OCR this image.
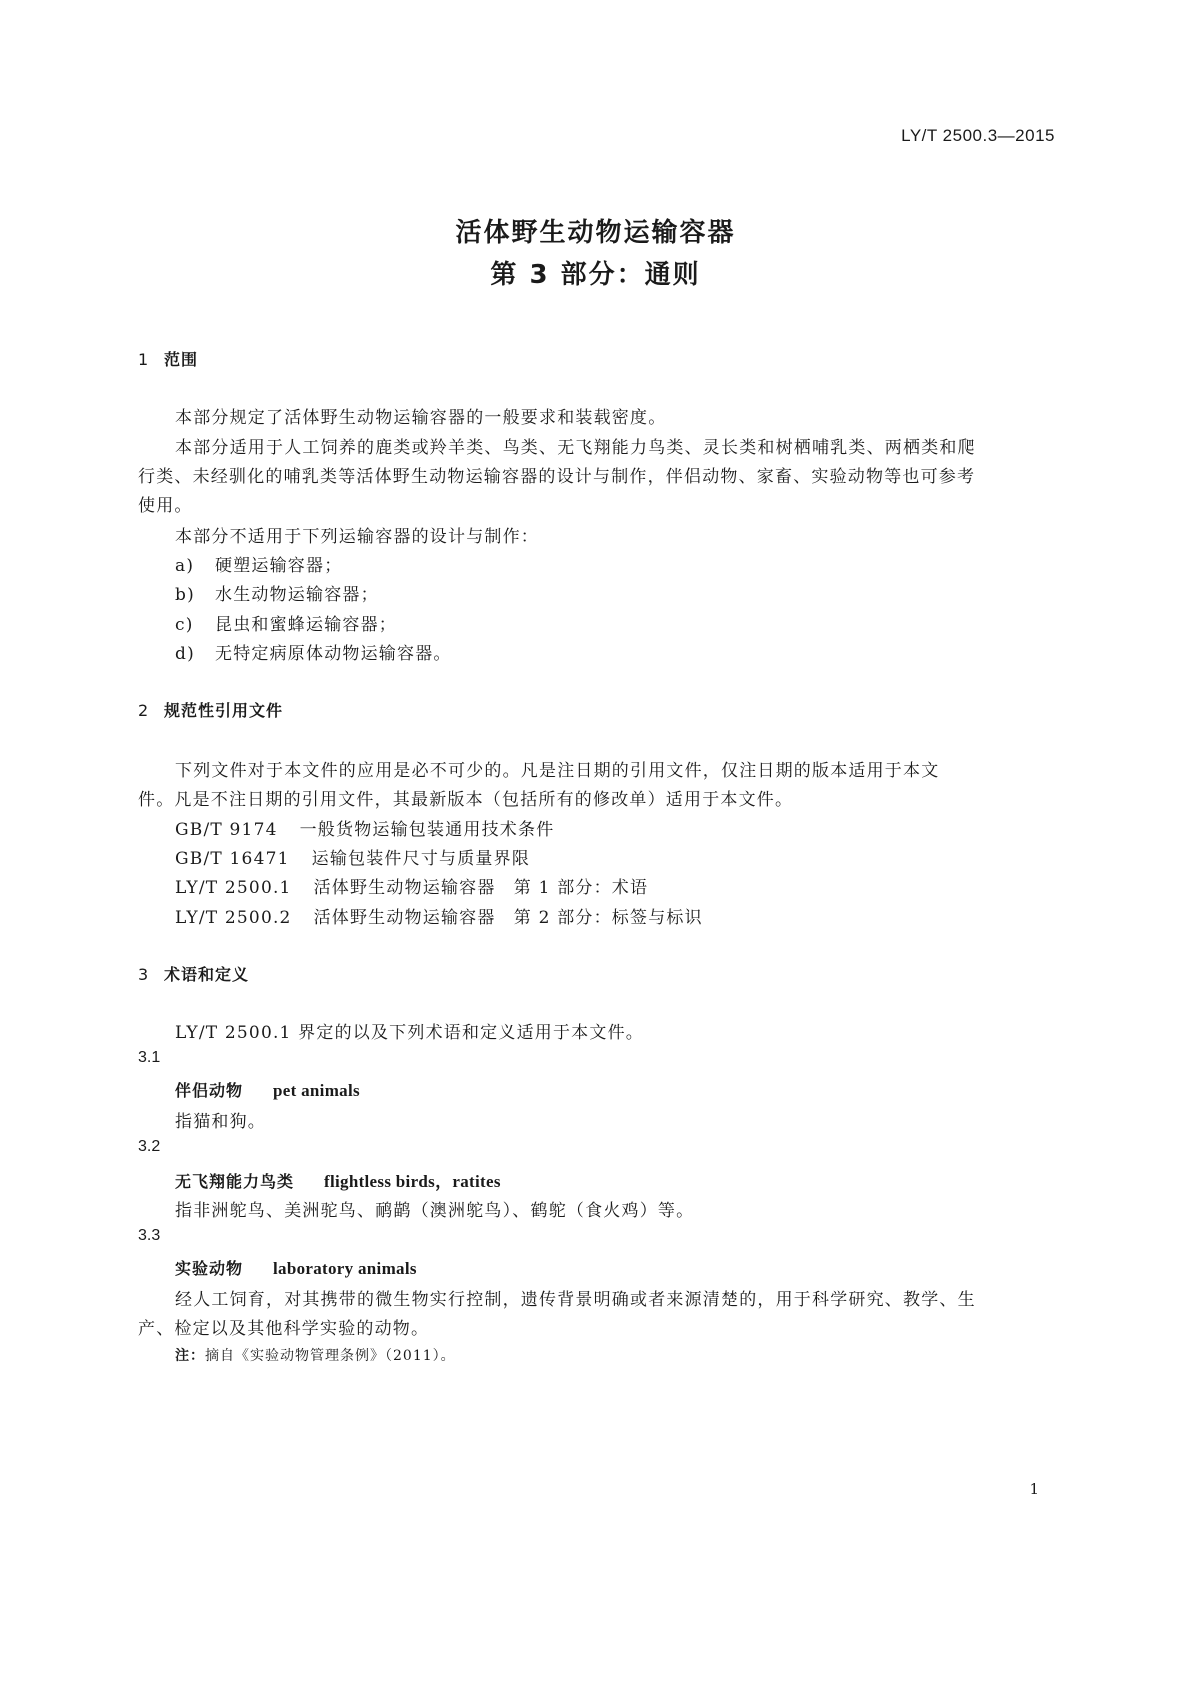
LY/T 2500.3—2015
活体野生动物运输容器
第 3 部分：通则
1 范围
本部分规定了活体野生动物运输容器的一般要求和装载密度。
本部分适用于人工饲养的鹿类或羚羊类、鸟类、无飞翔能力鸟类、灵长类和树栖哺乳类、两栖类和爬
行类、未经驯化的哺乳类等活体野生动物运输容器的设计与制作，伴侣动物、家畜、实验动物等也可参考
使用。
本部分不适用于下列运输容器的设计与制作：
a) 硬塑运输容器；
b) 水生动物运输容器；
c) 昆虫和蜜蜂运输容器；
d) 无特定病原体动物运输容器。
2 规范性引用文件
下列文件对于本文件的应用是必不可少的。凡是注日期的引用文件，仅注日期的版本适用于本文
件。凡是不注日期的引用文件，其最新版本（包括所有的修改单）适用于本文件。
GB/T 9174 一般货物运输包装通用技术条件
GB/T 16471 运输包装件尺寸与质量界限
LY/T 2500.1 活体野生动物运输容器　第 1 部分：术语
LY/T 2500.2 活体野生动物运输容器　第 2 部分：标签与标识
3 术语和定义
LY/T 2500.1 界定的以及下列术语和定义适用于本文件。
3.1
伴侣动物 pet animals
指猫和狗。
3.2
无飞翔能力鸟类 flightless birds，ratites
指非洲鸵鸟、美洲驼鸟、鸸鹋（澳洲鸵鸟）、鹤鸵（食火鸡）等。
3.3
实验动物 laboratory animals
经人工饲育，对其携带的微生物实行控制，遗传背景明确或者来源清楚的，用于科学研究、教学、生
产、检定以及其他科学实验的动物。
注：摘自《实验动物管理条例》（2011）。
1
